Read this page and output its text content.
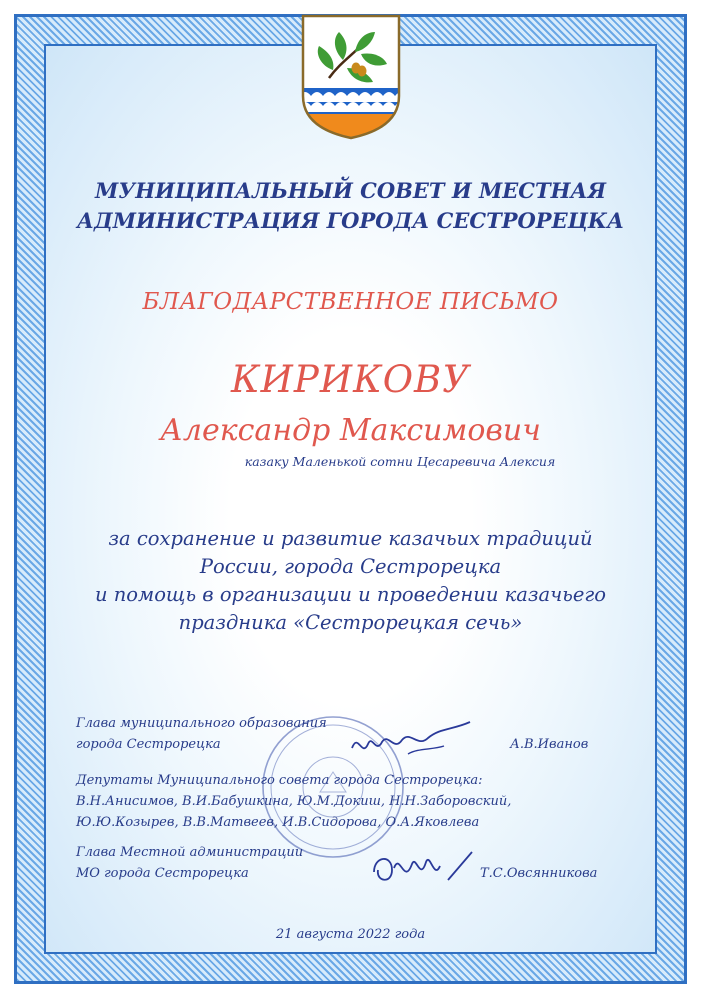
МУНИЦИПАЛЬНЫЙ СОВЕТ И МЕСТНАЯ
АДМИНИСТРАЦИЯ ГОРОДА СЕСТРОРЕЦКА

БЛАГОДАРСТВЕННОЕ ПИСЬМО

КИРИКОВУ

Александр Максимович

казаку Маленькой сотни Цесаревича Алексия

за сохранение и развитие казачьих традиций
России, города Сестрорецка
и помощь в организации и проведении казачьего
праздника «Сестрорецкая сечь»

Глава муниципального образования
города Сестрорецка	А.В.Иванов
Депутаты Муниципального совета города Сестрорецка:
В.Н.Анисимов, В.И.Бабушкина, Ю.М.Докиш, Н.Н.Заборовский,
Ю.Ю.Козырев, В.В.Матвеев, И.В.Сидорова, О.А.Яковлева
Глава Местной администрации
МО города Сестрорецка	Т.С.Овсянникова
21 августа 2022 года
